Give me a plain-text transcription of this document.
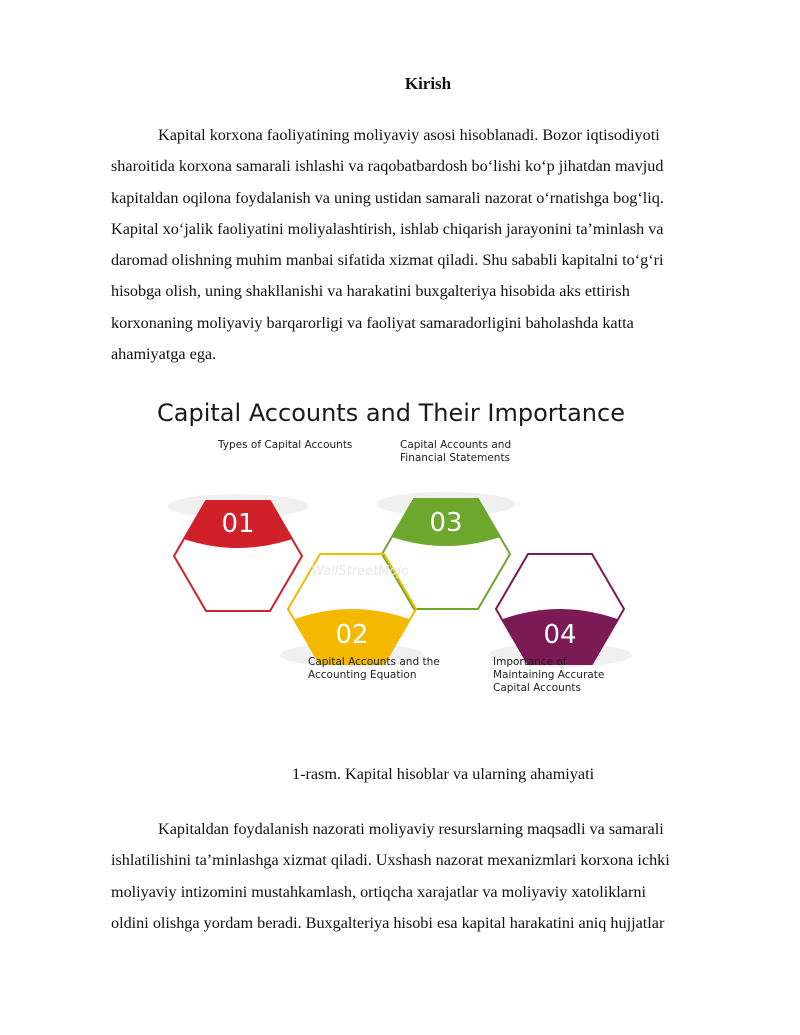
Kirish
Kapital korxona faoliyatining moliyaviy asosi hisoblanadi. Bozor iqtisodiyoti
sharoitida korxona samarali ishlashi va raqobatbardosh bo‘lishi ko‘p jihatdan mavjud
kapitaldan oqilona foydalanish va uning ustidan samarali nazorat o‘rnatishga bog‘liq.
Kapital xo‘jalik faoliyatini moliyalashtirish, ishlab chiqarish jarayonini ta’minlash va
daromad olishning muhim manbai sifatida xizmat qiladi. Shu sababli kapitalni to‘g‘ri
hisobga olish, uning shakllanishi va harakatini buxgalteriya hisobida aks ettirish
korxonaning moliyaviy barqarorligi va faoliyat samaradorligini baholashda katta
ahamiyatga ega.
Capital Accounts and Their Importance
01	03
02	04
WallStreetMojo
Types of Capital Accounts	Capital Accounts and Financial Statements
Capital Accounts and the Accounting Equation
Importance of Maintaining Accurate Capital Accounts
1-rasm. Kapital hisoblar va ularning ahamiyati
Kapitaldan foydalanish nazorati moliyaviy resurslarning maqsadli va samarali
ishlatilishini ta’minlashga xizmat qiladi. Uxshash nazorat mexanizmlari korxona ichki
moliyaviy intizomini mustahkamlash, ortiqcha xarajatlar va moliyaviy xatoliklarni
oldini olishga yordam beradi. Buxgalteriya hisobi esa kapital harakatini aniq hujjatlar
